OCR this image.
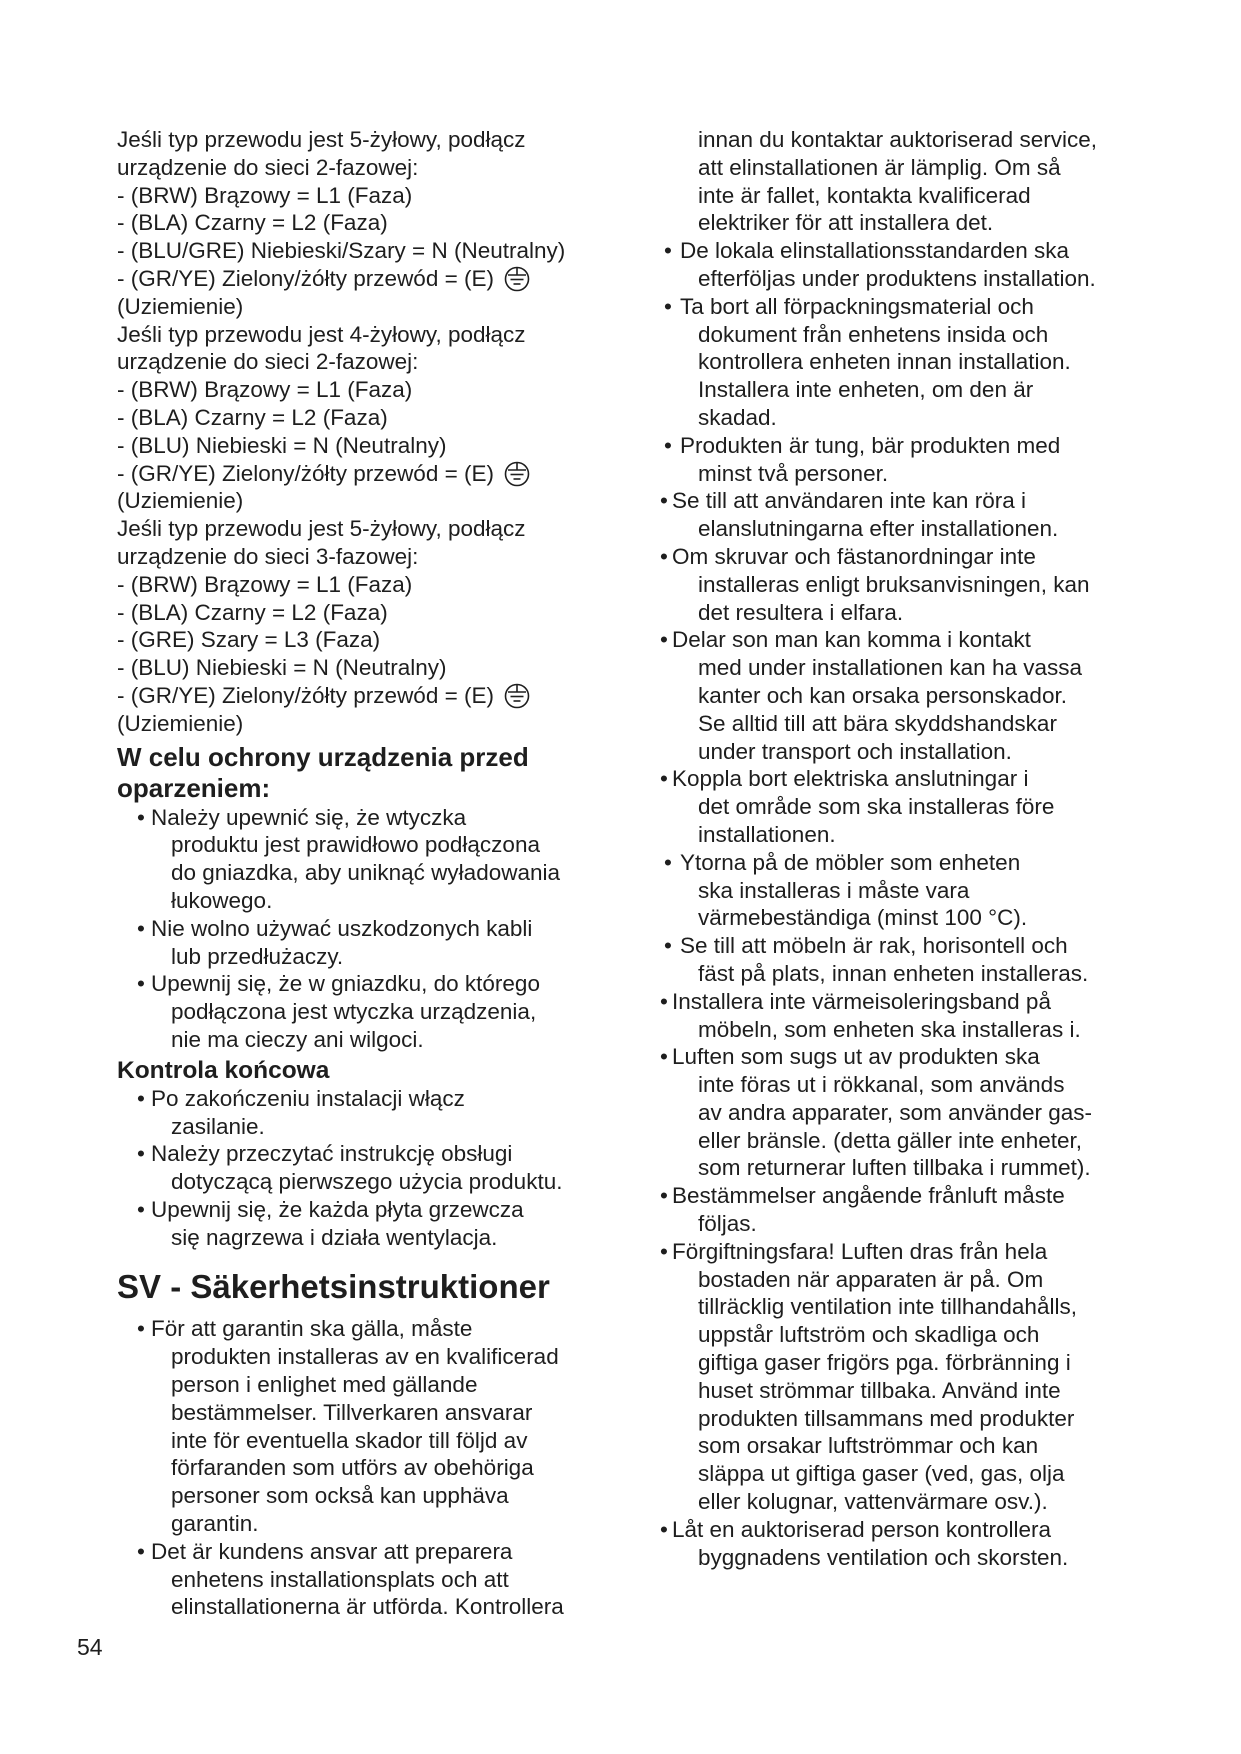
Jeśli typ przewodu jest 5-żyłowy, podłącz
urządzenie do sieci 2-fazowej:
- (BRW) Brązowy = L1 (Faza)
- (BLA) Czarny = L2 (Faza)
- (BLU/GRE) Niebieski/Szary = N (Neutralny)
- (GR/YE) Zielony/żółty przewód = (E)
(Uziemienie)
Jeśli typ przewodu jest 4-żyłowy, podłącz
urządzenie do sieci 2-fazowej:
- (BRW) Brązowy = L1 (Faza)
- (BLA) Czarny = L2 (Faza)
- (BLU) Niebieski = N (Neutralny)
- (GR/YE) Zielony/żółty przewód = (E)
(Uziemienie)
Jeśli typ przewodu jest 5-żyłowy, podłącz
urządzenie do sieci 3-fazowej:
- (BRW) Brązowy = L1 (Faza)
- (BLA) Czarny = L2 (Faza)
- (GRE) Szary = L3 (Faza)
- (BLU) Niebieski = N (Neutralny)
- (GR/YE) Zielony/żółty przewód = (E)
(Uziemienie)
W celu ochrony urządzenia przed
oparzeniem:
• Należy upewnić się, że wtyczka
produktu jest prawidłowo podłączona
do gniazdka, aby uniknąć wyładowania
łukowego.
• Nie wolno używać uszkodzonych kabli
lub przedłużaczy.
• Upewnij się, że w gniazdku, do którego
podłączona jest wtyczka urządzenia,
nie ma cieczy ani wilgoci.
Kontrola końcowa
• Po zakończeniu instalacji włącz
zasilanie.
• Należy przeczytać instrukcję obsługi
dotyczącą pierwszego użycia produktu.
• Upewnij się, że każda płyta grzewcza
się nagrzewa i działa wentylacja.
SV - Säkerhetsinstruktioner
• För att garantin ska gälla, måste
produkten installeras av en kvalificerad
person i enlighet med gällande
bestämmelser. Tillverkaren ansvarar
inte för eventuella skador till följd av
förfaranden som utförs av obehöriga
personer som också kan upphäva
garantin.
• Det är kundens ansvar att preparera
enhetens installationsplats och att
elinstallationerna är utförda. Kontrollera
innan du kontaktar auktoriserad service,
att elinstallationen är lämplig. Om så
inte är fallet, kontakta kvalificerad
elektriker för att installera det.
• De lokala elinstallationsstandarden ska
efterföljas under produktens installation.
• Ta bort all förpackningsmaterial och
dokument från enhetens insida och
kontrollera enheten innan installation.
Installera inte enheten, om den är
skadad.
• Produkten är tung, bär produkten med
minst två personer.
• Se till att användaren inte kan röra i
elanslutningarna efter installationen.
• Om skruvar och fästanordningar inte
installeras enligt bruksanvisningen, kan
det resultera i elfara.
• Delar son man kan komma i kontakt
med under installationen kan ha vassa
kanter och kan orsaka personskador.
Se alltid till att bära skyddshandskar
under transport och installation.
• Koppla bort elektriska anslutningar i
det område som ska installeras före
installationen.
• Ytorna på de möbler som enheten
ska installeras i måste vara
värmebeständiga (minst 100 °C).
• Se till att möbeln är rak, horisontell och
fäst på plats, innan enheten installeras.
• Installera inte värmeisoleringsband på
möbeln, som enheten ska installeras i.
• Luften som sugs ut av produkten ska
inte föras ut i rökkanal, som används
av andra apparater, som använder gas-
eller bränsle. (detta gäller inte enheter,
som returnerar luften tillbaka i rummet).
• Bestämmelser angående frånluft måste
följas.
• Förgiftningsfara! Luften dras från hela
bostaden när apparaten är på. Om
tillräcklig ventilation inte tillhandahålls,
uppstår luftström och skadliga och
giftiga gaser frigörs pga. förbränning i
huset strömmar tillbaka. Använd inte
produkten tillsammans med produkter
som orsakar luftströmmar och kan
släppa ut giftiga gaser (ved, gas, olja
eller kolugnar, vattenvärmare osv.).
• Låt en auktoriserad person kontrollera
byggnadens ventilation och skorsten.
54
